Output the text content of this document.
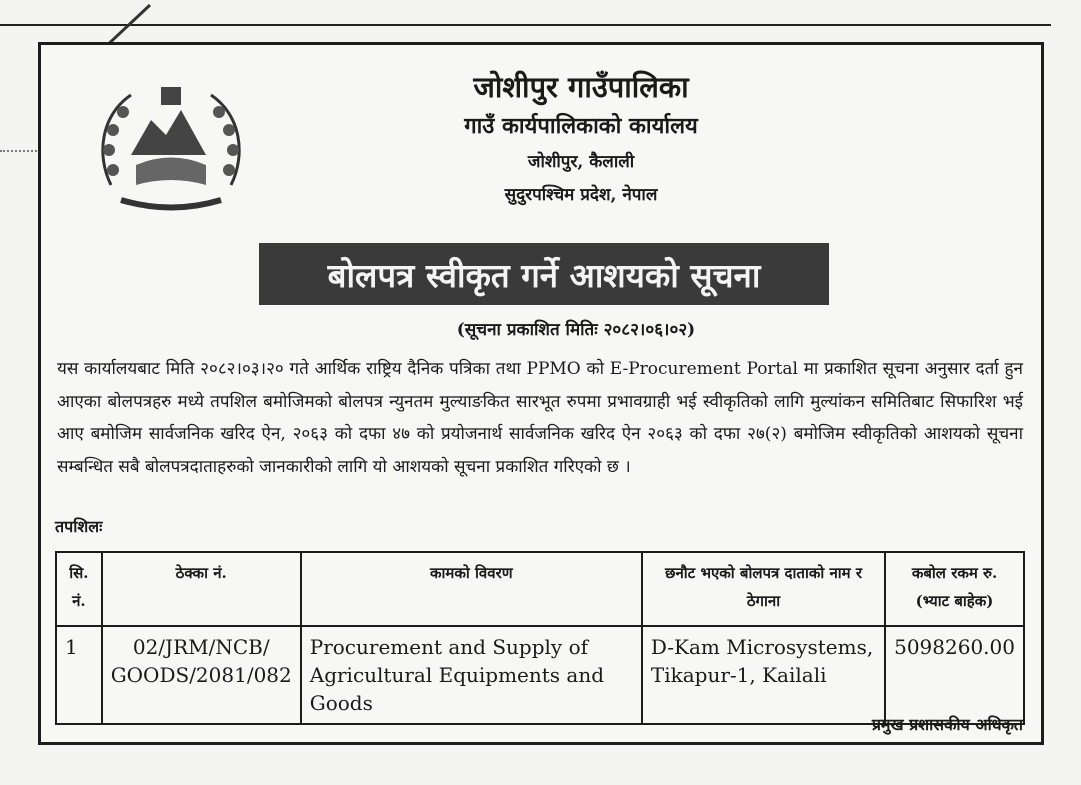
जोशीपुर गाउँपालिका
गाउँ कार्यपालिकाको कार्यालय
जोशीपुर, कैलाली
सुदुरपश्चिम प्रदेश, नेपाल
बोलपत्र स्वीकृत गर्ने आशयको सूचना
(सूचना प्रकाशित मितिः २०८२।०६।०२)
यस कार्यालयबाट मिति २०८२।०३।२० गते आर्थिक राष्ट्रिय दैनिक पत्रिका तथा PPMO को E-Procurement Portal मा प्रकाशित सूचना अनुसार दर्ता हुन आएका बोलपत्रहरु मध्ये तपशिल बमोजिमको बोलपत्र न्युनतम मुल्याङकित सारभूत रुपमा प्रभावग्राही भई स्वीकृतिको लागि मुल्यांकन समितिबाट सिफारिश भई आए बमोजिम सार्वजनिक खरिद ऐन, २०६३ को दफा ४७ को प्रयोजनार्थ सार्वजनिक खरिद ऐन २०६३ को दफा २७(२) बमोजिम स्वीकृतिको आशयको सूचना सम्बन्धित सबै बोलपत्रदाताहरुको जानकारीको लागि यो आशयको सूचना प्रकाशित गरिएको छ ।
तपशिलः
सि. नं.	ठेक्का नं.	कामको विवरण	छनौट भएको बोलपत्र दाताको नाम र ठेगाना	कबोल रकम रु. (भ्याट बाहेक)
1	02/JRM/NCB/ GOODS/2081/082	Procurement and Supply of Agricultural Equipments and Goods	D-Kam Microsystems, Tikapur-1, Kailali	5098260.00
प्रमुख प्रशासकीय अधिकृत
